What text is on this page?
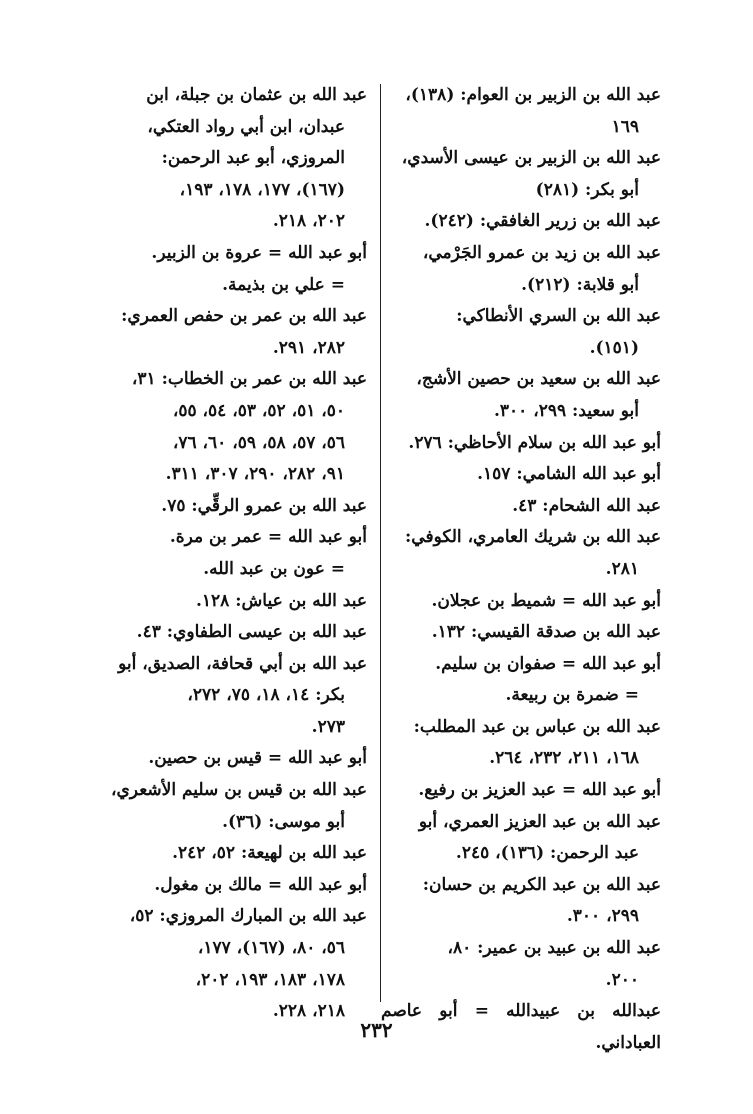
عبد الله بن الزبير بن العوام: (١٣٨)،
١٦٩
عبد الله بن الزبير بن عيسى الأسدي،
أبو بكر: (٢٨١)
عبد الله بن زرير الغافقي: (٢٤٢).
عبد الله بن زيد بن عمرو الجَرْمي،
أبو قلابة: (٢١٢).
عبد الله بن السري الأنطاكي:
(١٥١).
عبد الله بن سعيد بن حصين الأشج،
أبو سعيد: ٢٩٩، ٣٠٠.
أبو عبد الله بن سلام الأحاظي: ٢٧٦.
أبو عبد الله الشامي: ١٥٧.
عبد الله الشحام: ٤٣.
عبد الله بن شريك العامري، الكوفي:
٢٨١.
أبو عبد الله = شميط بن عجلان.
عبد الله بن صدقة القيسي: ١٣٢.
أبو عبد الله = صفوان بن سليم.
= ضمرة بن ربيعة.
عبد الله بن عباس بن عبد المطلب:
١٦٨، ٢١١، ٢٣٢، ٢٦٤.
أبو عبد الله = عبد العزيز بن رفيع.
عبد الله بن عبد العزيز العمري، أبو
عبد الرحمن: (١٣٦)، ٢٤٥.
عبد الله بن عبد الكريم بن حسان:
٢٩٩، ٣٠٠.
عبد الله بن عبيد بن عمير: ٨٠،
٢٠٠.
عبدالله بن عبيدالله = أبو عاصم العباداني.
عبد الله بن عثمان بن جبلة، ابن
عبدان، ابن أبي رواد العتكي،
المروزي، أبو عبد الرحمن:
(١٦٧)، ١٧٧، ١٧٨، ١٩٣،
٢٠٢، ٢١٨.
أبو عبد الله = عروة بن الزبير.
= علي بن بذيمة.
عبد الله بن عمر بن حفص العمري:
٢٨٢، ٢٩١.
عبد الله بن عمر بن الخطاب: ٣١،
٥٠، ٥١، ٥٢، ٥٣، ٥٤، ٥٥،
٥٦، ٥٧، ٥٨، ٥٩، ٦٠، ٧٦،
٩١، ٢٨٢، ٢٩٠، ٣٠٧، ٣١١.
عبد الله بن عمرو الرقِّي: ٧٥.
أبو عبد الله = عمر بن مرة.
= عون بن عبد الله.
عبد الله بن عياش: ١٢٨.
عبد الله بن عيسى الطفاوي: ٤٣.
عبد الله بن أبي قحافة، الصديق، أبو
بكر: ١٤، ١٨، ٧٥، ٢٧٢،
٢٧٣.
أبو عبد الله = قيس بن حصين.
عبد الله بن قيس بن سليم الأشعري،
أبو موسى: (٣٦).
عبد الله بن لهيعة: ٥٢، ٢٤٢.
أبو عبد الله = مالك بن مغول.
عبد الله بن المبارك المروزي: ٥٢،
٥٦، ٨٠، (١٦٧)، ١٧٧،
١٧٨، ١٨٣، ١٩٣، ٢٠٢،
٢١٨، ٢٢٨.
٢٣٢
